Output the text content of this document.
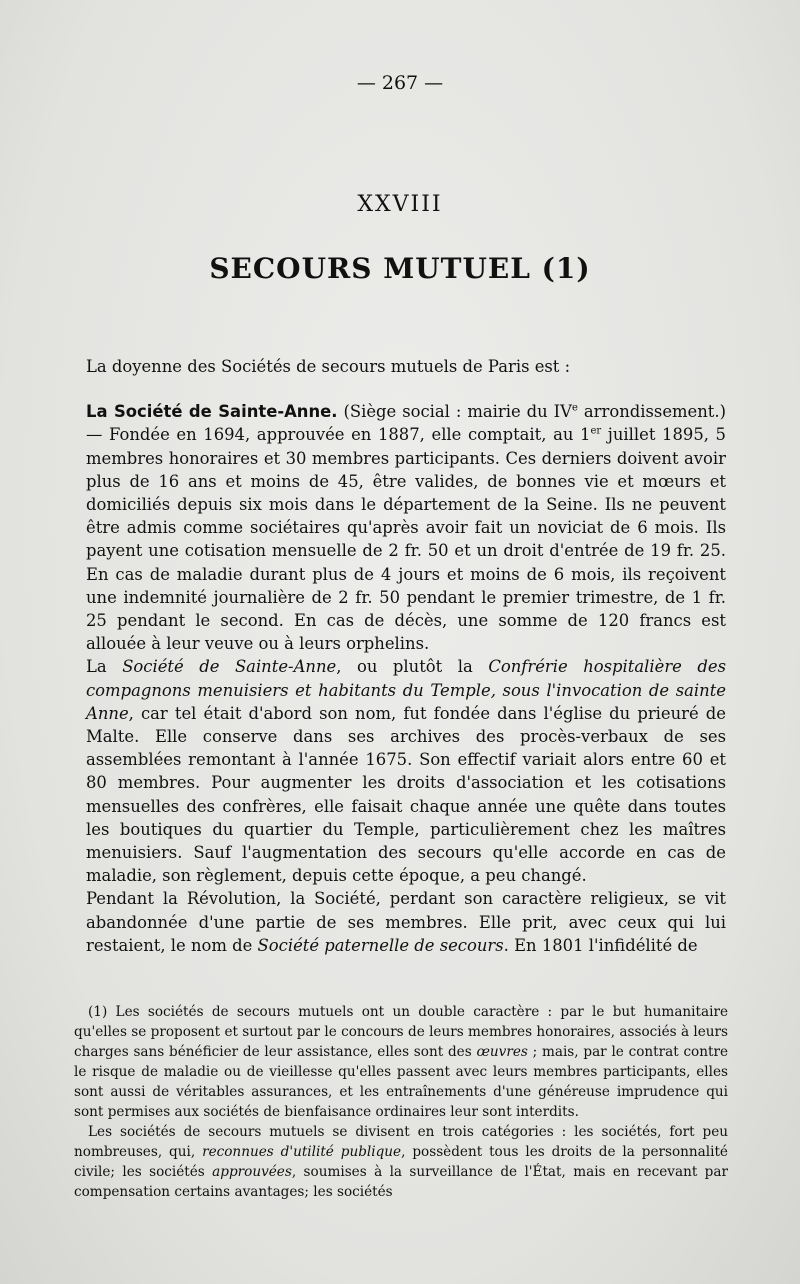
— 267 —
XXVIII
SECOURS MUTUEL (1)

La doyenne des Sociétés de secours mutuels de Paris est :

La Société de Sainte-Anne. (Siège social : mairie du IVe arrondissement.) — Fondée en 1694, approuvée en 1887, elle comptait, au 1er juillet 1895, 5 membres honoraires et 30 membres participants. Ces derniers doivent avoir plus de 16 ans et moins de 45, être valides, de bonnes vie et mœurs et domiciliés depuis six mois dans le département de la Seine. Ils ne peuvent être admis comme sociétaires qu'après avoir fait un noviciat de 6 mois. Ils payent une cotisation mensuelle de 2 fr. 50 et un droit d'entrée de 19 fr. 25. En cas de maladie durant plus de 4 jours et moins de 6 mois, ils reçoivent une indemnité journalière de 2 fr. 50 pendant le premier trimestre, de 1 fr. 25 pendant le second. En cas de décès, une somme de 120 francs est allouée à leur veuve ou à leurs orphelins.

La Société de Sainte-Anne, ou plutôt la Confrérie hospitalière des compagnons menuisiers et habitants du Temple, sous l'invocation de sainte Anne, car tel était d'abord son nom, fut fondée dans l'église du prieuré de Malte. Elle conserve dans ses archives des procès-verbaux de ses assemblées remontant à l'année 1675. Son effectif variait alors entre 60 et 80 membres. Pour augmenter les droits d'association et les cotisations mensuelles des confrères, elle faisait chaque année une quête dans toutes les boutiques du quartier du Temple, particulièrement chez les maîtres menuisiers. Sauf l'augmentation des secours qu'elle accorde en cas de maladie, son règlement, depuis cette époque, a peu changé.

Pendant la Révolution, la Société, perdant son caractère religieux, se vit abandonnée d'une partie de ses membres. Elle prit, avec ceux qui lui restaient, le nom de Société paternelle de secours. En 1801 l'infidélité de

(1) Les sociétés de secours mutuels ont un double caractère : par le but humanitaire qu'elles se proposent et surtout par le concours de leurs membres honoraires, associés à leurs charges sans bénéficier de leur assistance, elles sont des œuvres ; mais, par le contrat contre le risque de maladie ou de vieillesse qu'elles passent avec leurs membres participants, elles sont aussi de véritables assurances, et les entraînements d'une généreuse imprudence qui sont permises aux sociétés de bienfaisance ordinaires leur sont interdits.

Les sociétés de secours mutuels se divisent en trois catégories : les sociétés, fort peu nombreuses, qui, reconnues d'utilité publique, possèdent tous les droits de la personnalité civile; les sociétés approuvées, soumises à la surveillance de l'État, mais en recevant par compensation certains avantages; les sociétés
